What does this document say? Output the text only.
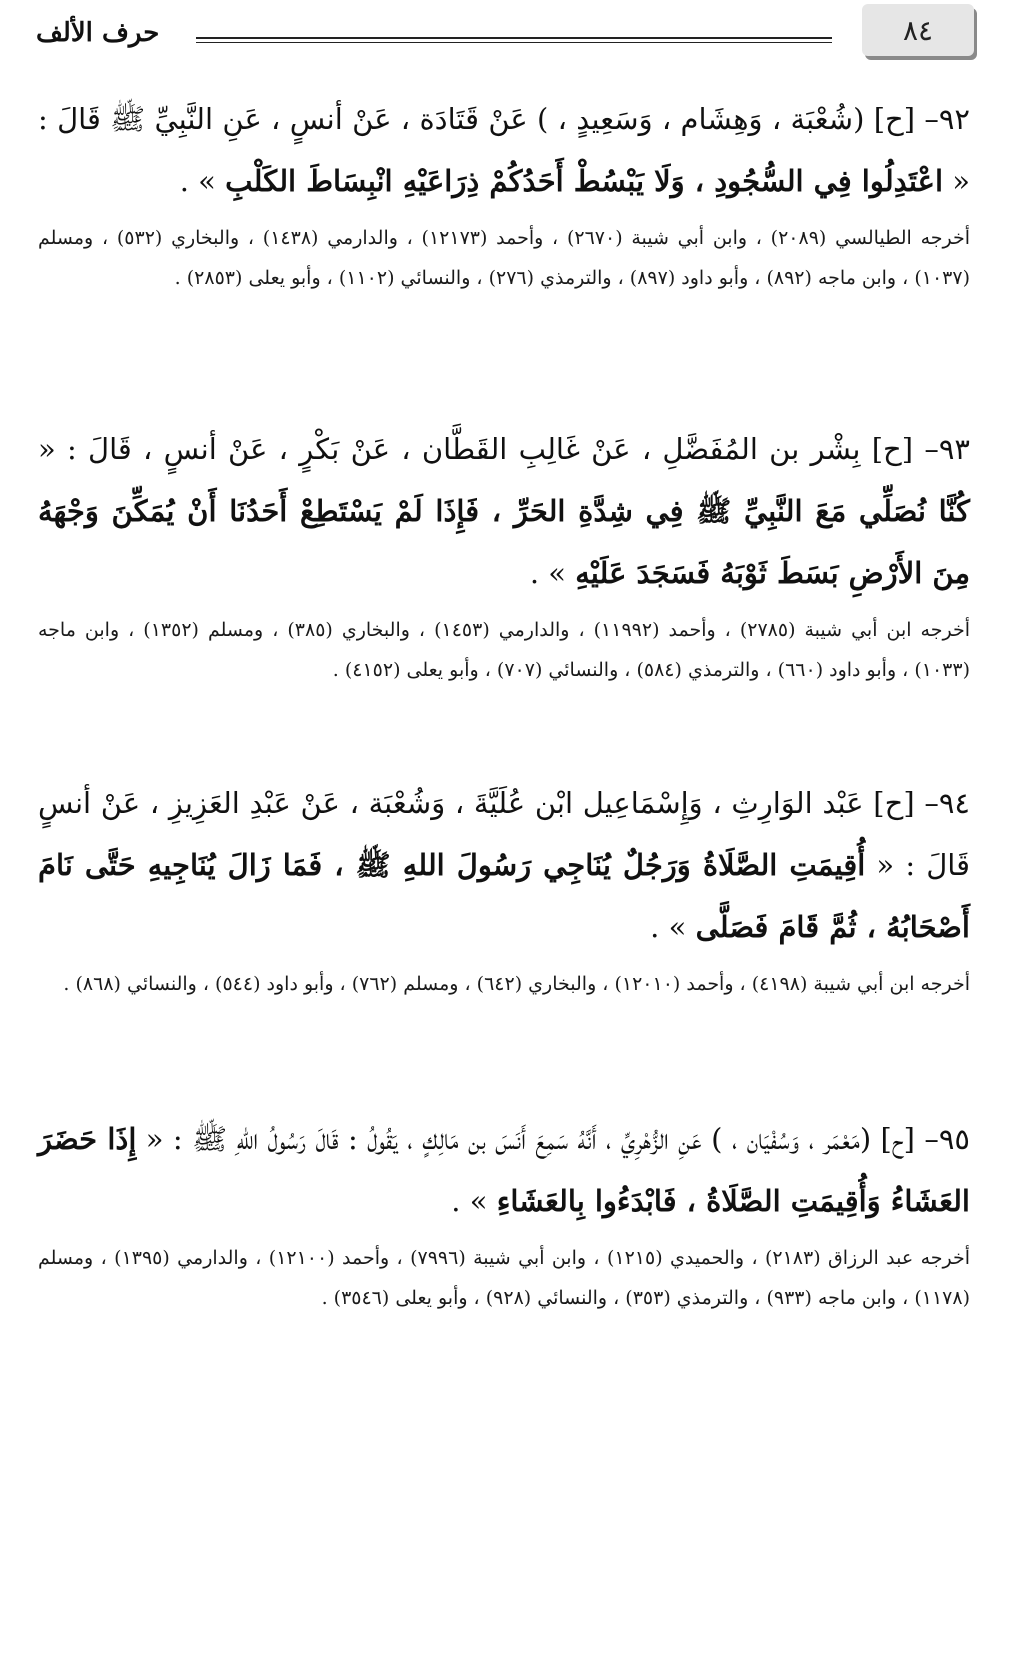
٨٤
حرف الألف

٩٢– [ح] (شُعْبَة ، وَهِشَام ، وَسَعِيدٍ ، ) عَنْ قَتَادَة ، عَنْ أنسٍ ، عَنِ النَّبِيِّ ﷺ قَالَ : « اعْتَدِلُوا فِي السُّجُودِ ، وَلَا يَبْسُطْ أَحَدُكُمْ ذِرَاعَيْهِ انْبِسَاطَ الكَلْبِ » .

أخرجه الطيالسي (٢٠٨٩) ، وابن أبي شيبة (٢٦٧٠) ، وأحمد (١٢١٧٣) ، والدارمي (١٤٣٨) ، والبخاري (٥٣٢) ، ومسلم (١٠٣٧) ، وابن ماجه (٨٩٢) ، وأبو داود (٨٩٧) ، والترمذي (٢٧٦) ، والنسائي (١١٠٢) ، وأبو يعلى (٢٨٥٣) .

٩٣– [ح] بِشْر بن المُفَضَّلِ ، عَنْ غَالِبِ القَطَّان ، عَنْ بَكْرٍ ، عَنْ أنسٍ ، قَالَ : « كُنَّا نُصَلِّي مَعَ النَّبِيِّ ﷺ فِي شِدَّةِ الحَرِّ ، فَإِذَا لَمْ يَسْتَطِعْ أَحَدُنَا أَنْ يُمَكِّنَ وَجْهَهُ مِنَ الأَرْضِ بَسَطَ ثَوْبَهُ فَسَجَدَ عَلَيْهِ » .

أخرجه ابن أبي شيبة (٢٧٨٥) ، وأحمد (١١٩٩٢) ، والدارمي (١٤٥٣) ، والبخاري (٣٨٥) ، ومسلم (١٣٥٢) ، وابن ماجه (١٠٣٣) ، وأبو داود (٦٦٠) ، والترمذي (٥٨٤) ، والنسائي (٧٠٧) ، وأبو يعلى (٤١٥٢) .

٩٤– [ح] عَبْد الوَارِثِ ، وَإِسْمَاعِيل ابْن عُلَيَّةَ ، وَشُعْبَة ، عَنْ عَبْدِ العَزِيزِ ، عَنْ أنسٍ قَالَ : « أُقِيمَتِ الصَّلَاةُ وَرَجُلٌ يُنَاجِي رَسُولَ اللهِ ﷺ ، فَمَا زَالَ يُنَاجِيهِ حَتَّى نَامَ أَصْحَابُهُ ، ثُمَّ قَامَ فَصَلَّى » .

أخرجه ابن أبي شيبة (٤١٩٨) ، وأحمد (١٢٠١٠) ، والبخاري (٦٤٢) ، ومسلم (٧٦٢) ، وأبو داود (٥٤٤) ، والنسائي (٨٦٨) .

٩٥– [ح] (مَعْمَر ، وَسُفْيَان ، ) عَنِ الزُّهْرِيِّ ، أَنَّهُ سَمِعَ أَنَسَ بن مَالِكٍ ، يَقُولُ : قَالَ رَسُولُ اللهِ ﷺ : « إِذَا حَضَرَ العَشَاءُ وَأُقِيمَتِ الصَّلَاةُ ، فَابْدَءُوا بِالعَشَاءِ » .

أخرجه عبد الرزاق (٢١٨٣) ، والحميدي (١٢١٥) ، وابن أبي شيبة (٧٩٩٦) ، وأحمد (١٢١٠٠) ، والدارمي (١٣٩٥) ، ومسلم (١١٧٨) ، وابن ماجه (٩٣٣) ، والترمذي (٣٥٣) ، والنسائي (٩٢٨) ، وأبو يعلى (٣٥٤٦) .
